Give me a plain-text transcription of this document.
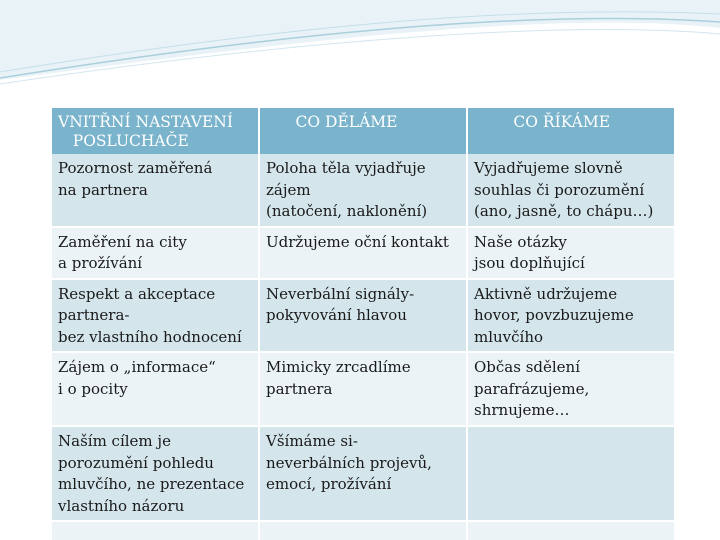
VNITŘNÍ NASTAVENÍ
POSLUCHAČE	CO DĚLÁME	CO ŘÍKÁME

Pozornost zaměřená
na partnera	Poloha těla vyjadřuje
zájem
(natočení, naklonění)	Vyjadřujeme slovně
souhlas či porozumění
(ano, jasně, to chápu…)

Zaměření na city
a prožívání	Udržujeme oční kontakt	Naše otázky
jsou doplňující

Respekt a akceptace
partnera-
bez vlastního hodnocení	Neverbální signály-
pokyvování hlavou	Aktivně udržujeme
hovor, povzbuzujeme
mluvčího

Zájem o „informace“
i o pocity	Mimicky zrcadlíme
partnera	Občas sdělení
parafrázujeme,
shrnujeme…

Naším cílem je
porozumění pohledu
mluvčího, ne prezentace
vlastního názoru	Všímáme si-
neverbálních projevů,
emocí, prožívání	
